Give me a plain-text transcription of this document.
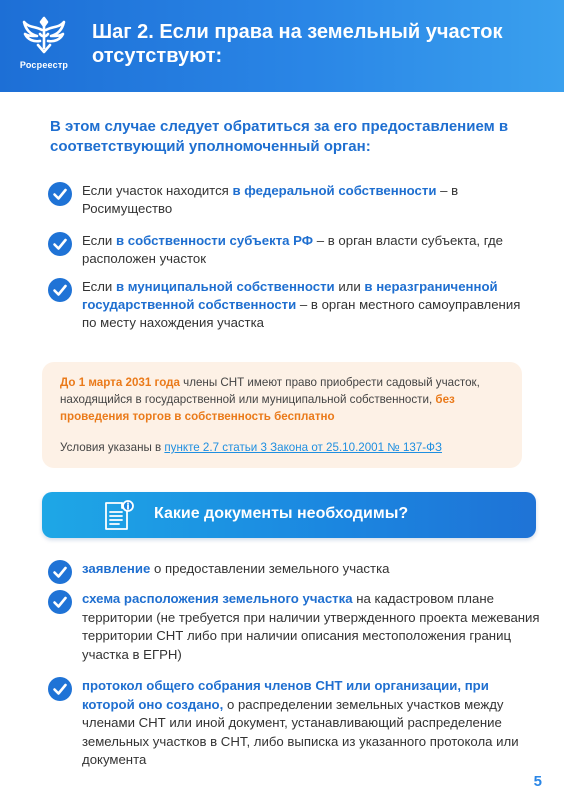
Росреестр
Шаг 2. Если права на земельный участок отсутствуют:
В этом случае следует обратиться за его предоставлением в соответствующий уполномоченный орган:
Если участок находится в федеральной собственности – в Росимущество
Если в собственности субъекта РФ – в орган власти субъекта, где расположен участок
Если в муниципальной собственности или в неразграниченной государственной собственности – в орган местного самоуправления по месту нахождения участка
До 1 марта 2031 года члены СНТ имеют право приобрести садовый участок, находящийся в государственной или муниципальной собственности, без проведения торгов в собственность бесплатно
Условия указаны в пункте 2.7 статьи 3 Закона от 25.10.2001 № 137-ФЗ
Какие документы необходимы?
заявление о предоставлении земельного участка
схема расположения земельного участка на кадастровом плане территории (не требуется при наличии утвержденного проекта межевания территории СНТ либо при наличии описания местоположения границ участка в ЕГРН)
протокол общего собрания членов СНТ или организации, при которой оно создано, о распределении земельных участков между членами СНТ или иной документ, устанавливающий распределение земельных участков в СНТ, либо выписка из указанного протокола или документа
5
